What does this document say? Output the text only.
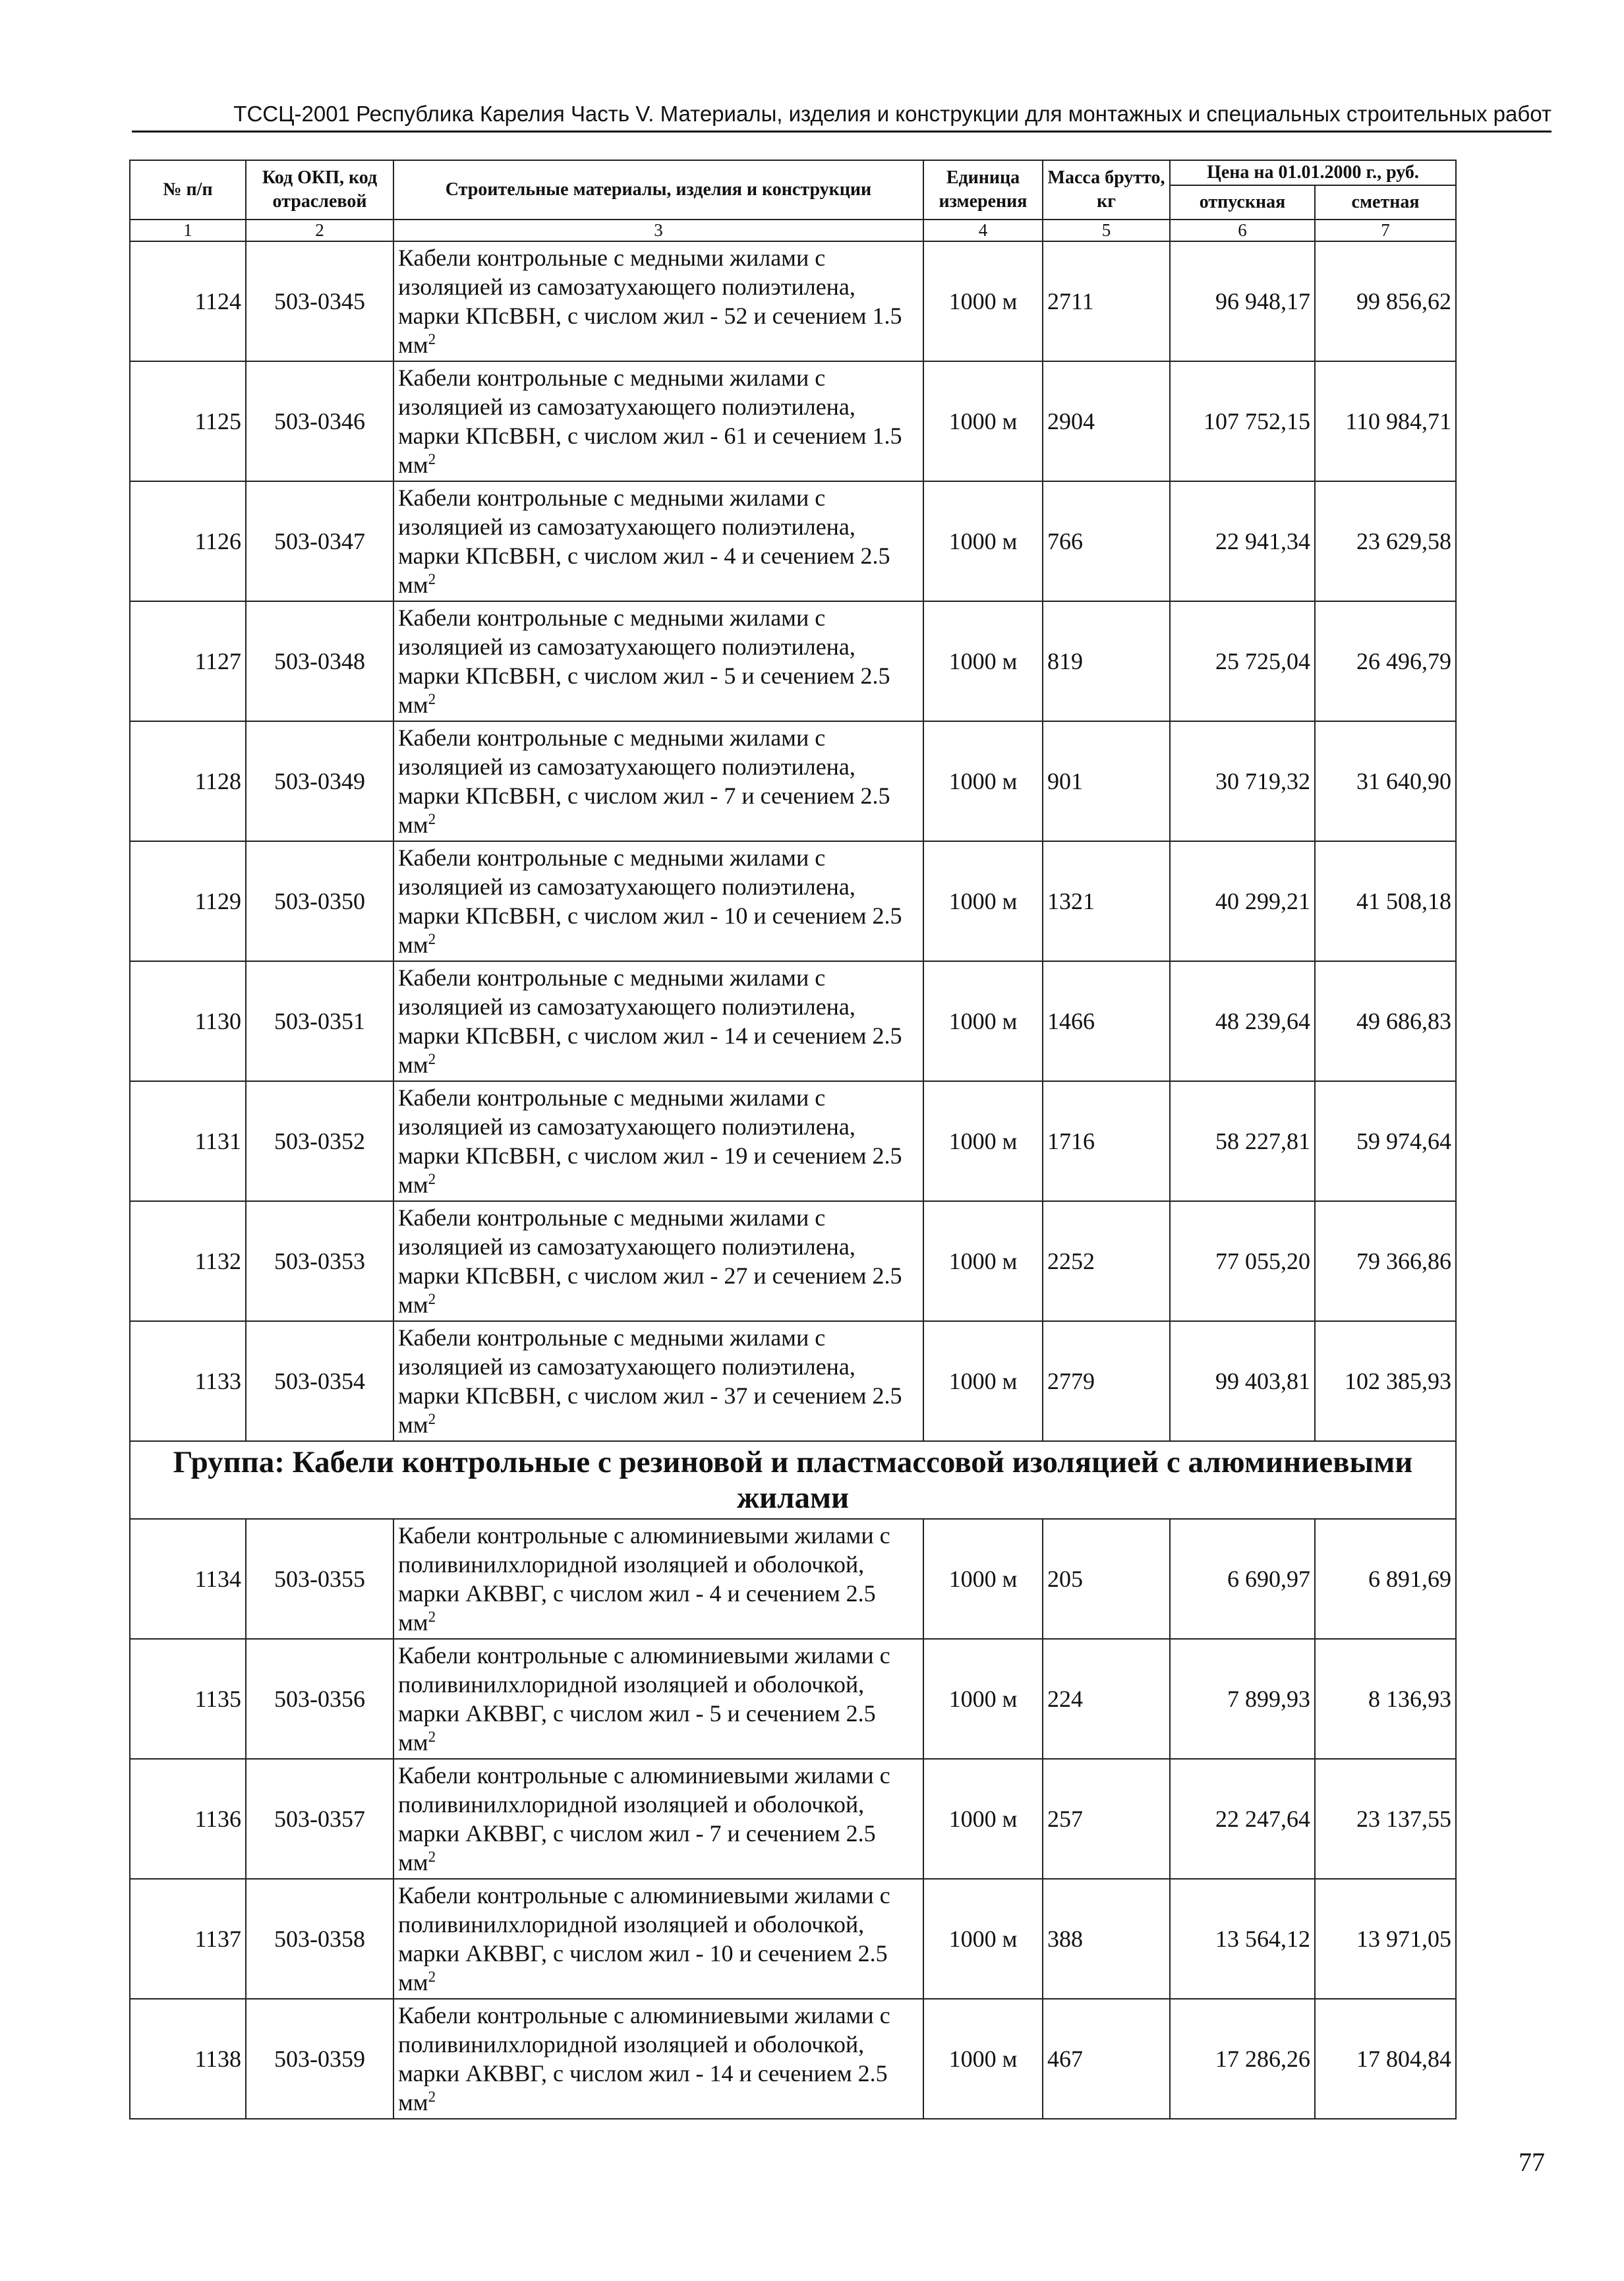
ТССЦ-2001 Республика Карелия Часть V. Материалы, изделия и конструкции для монтажных и специальных строительных работ
№ п/п	Код ОКП, код отраслевой	Строительные материалы, изделия и конструкции	Единица измерения	Масса брутто, кг	Цена на 01.01.2000 г., руб.	
					отпускная	сметная
1	2	3	4	5	6	7
1124	503-0345	Кабели контрольные с медными жилами с изоляцией из самозатухающего полиэтилена, марки КПсВБН, с числом жил - 52 и сечением 1.5 $мм^2$	1000 м	2711	96 948,17	99 856,62
1125	503-0346	Кабели контрольные с медными жилами с изоляцией из самозатухающего полиэтилена, марки КПсВБН, с числом жил - 61 и сечением 1.5 $мм^2$	1000 м	2904	107 752,15	110 984,71
1126	503-0347	Кабели контрольные с медными жилами с изоляцией из самозатухающего полиэтилена, марки КПсВБН, с числом жил - 4 и сечением 2.5 $мм^2$	1000 м	766	22 941,34	23 629,58
1127	503-0348	Кабели контрольные с медными жилами с изоляцией из самозатухающего полиэтилена, марки КПсВБН, с числом жил - 5 и сечением 2.5 $мм^2$	1000 м	819	25 725,04	26 496,79
1128	503-0349	Кабели контрольные с медными жилами с изоляцией из самозатухающего полиэтилена, марки КПсВБН, с числом жил - 7 и сечением 2.5 $мм^2$	1000 м	901	30 719,32	31 640,90
1129	503-0350	Кабели контрольные с медными жилами с изоляцией из самозатухающего полиэтилена, марки КПсВБН, с числом жил - 10 и сечением 2.5 $мм^2$	1000 м	1321	40 299,21	41 508,18
1130	503-0351	Кабели контрольные с медными жилами с изоляцией из самозатухающего полиэтилена, марки КПсВБН, с числом жил - 14 и сечением 2.5 $мм^2$	1000 м	1466	48 239,64	49 686,83
1131	503-0352	Кабели контрольные с медными жилами с изоляцией из самозатухающего полиэтилена, марки КПсВБН, с числом жил - 19 и сечением 2.5 $мм^2$	1000 м	1716	58 227,81	59 974,64
1132	503-0353	Кабели контрольные с медными жилами с изоляцией из самозатухающего полиэтилена, марки КПсВБН, с числом жил - 27 и сечением 2.5 $мм^2$	1000 м	2252	77 055,20	79 366,86
1133	503-0354	Кабели контрольные с медными жилами с изоляцией из самозатухающего полиэтилена, марки КПсВБН, с числом жил - 37 и сечением 2.5 $мм^2$	1000 м	2779	99 403,81	102 385,93
Группа: Кабели контрольные с резиновой и пластмассовой изоляцией с алюминиевыми жилами						
1134	503-0355	Кабели контрольные с алюминиевыми жилами с поливинилхлоридной изоляцией и оболочкой, марки АКВВГ, с числом жил - 4 и сечением 2.5 $мм^2$	1000 м	205	6 690,97	6 891,69
1135	503-0356	Кабели контрольные с алюминиевыми жилами с поливинилхлоридной изоляцией и оболочкой, марки АКВВГ, с числом жил - 5 и сечением 2.5 $мм^2$	1000 м	224	7 899,93	8 136,93
1136	503-0357	Кабели контрольные с алюминиевыми жилами с поливинилхлоридной изоляцией и оболочкой, марки АКВВГ, с числом жил - 7 и сечением 2.5 $мм^2$	1000 м	257	22 247,64	23 137,55
1137	503-0358	Кабели контрольные с алюминиевыми жилами с поливинилхлоридной изоляцией и оболочкой, марки АКВВГ, с числом жил - 10 и сечением 2.5 $мм^2$	1000 м	388	13 564,12	13 971,05
1138	503-0359	Кабели контрольные с алюминиевыми жилами с поливинилхлоридной изоляцией и оболочкой, марки АКВВГ, с числом жил - 14 и сечением 2.5 $мм^2$	1000 м	467	17 286,26	17 804,84
77
